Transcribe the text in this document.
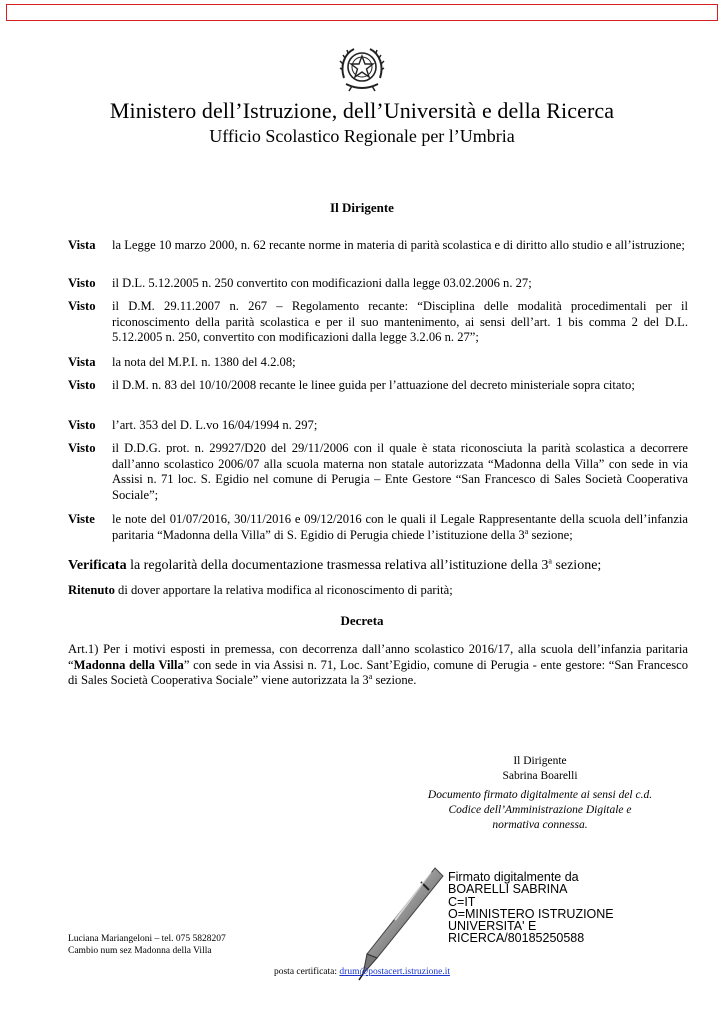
Ministero dell’Istruzione, dell’Università e della Ricerca
Ufficio Scolastico Regionale per l’Umbria
Il Dirigente
Vista	la Legge 10 marzo 2000, n. 62 recante norme in materia di parità scolastica e di diritto allo studio e all’istruzione;
Visto	il D.L. 5.12.2005 n. 250 convertito con modificazioni dalla legge 03.02.2006 n. 27;
Visto	il D.M. 29.11.2007 n. 267 – Regolamento recante: “Disciplina delle modalità procedimentali per il riconoscimento della parità scolastica e per il suo mantenimento, ai sensi dell’art. 1 bis comma 2 del D.L. 5.12.2005 n. 250, convertito con modificazioni dalla legge 3.2.06 n. 27”;
Vista	la nota del M.P.I. n. 1380 del 4.2.08;
Visto	il D.M. n. 83 del 10/10/2008 recante le linee guida per l’attuazione del decreto ministeriale sopra citato;
Visto	l’art. 353 del D. L.vo 16/04/1994 n. 297;
Visto	il D.D.G. prot. n. 29927/D20 del 29/11/2006 con il quale è stata riconosciuta la parità scolastica a decorrere dall’anno scolastico 2006/07 alla scuola materna non statale autorizzata “Madonna della Villa” con sede in via Assisi n. 71 loc. S. Egidio nel comune di Perugia – Ente Gestore “San Francesco di Sales Società Cooperativa Sociale”;
Viste	le note del 01/07/2016, 30/11/2016 e 09/12/2016 con le quali il Legale Rappresentante della scuola dell’infanzia paritaria “Madonna della Villa” di S. Egidio di Perugia chiede l’istituzione della 3$^a$ sezione;
Verificata la regolarità della documentazione trasmessa relativa all’istituzione della 3$^a$ sezione;
Ritenuto di dover apportare la relativa modifica al riconoscimento di parità;
Decreta
Art.1) Per i motivi esposti in premessa, con decorrenza dall’anno scolastico 2016/17, alla scuola dell’infanzia paritaria “Madonna della Villa” con sede in via Assisi n. 71, Loc. Sant’Egidio, comune di Perugia - ente gestore: “San Francesco di Sales Società Cooperativa Sociale” viene autorizzata la 3$^a$ sezione.
Il Dirigente
Sabrina Boarelli
Documento firmato digitalmente ai sensi del c.d.
Codice dell’Amministrazione Digitale e
normativa connessa.
Firmato digitalmente da
BOARELLI SABRINA
C=IT
O=MINISTERO ISTRUZIONE
UNIVERSITA' E
RICERCA/80185250588
Luciana Mariangeloni – tel. 075 5828207
Cambio num sez Madonna della Villa
posta certificata: drum@postacert.istruzione.it
